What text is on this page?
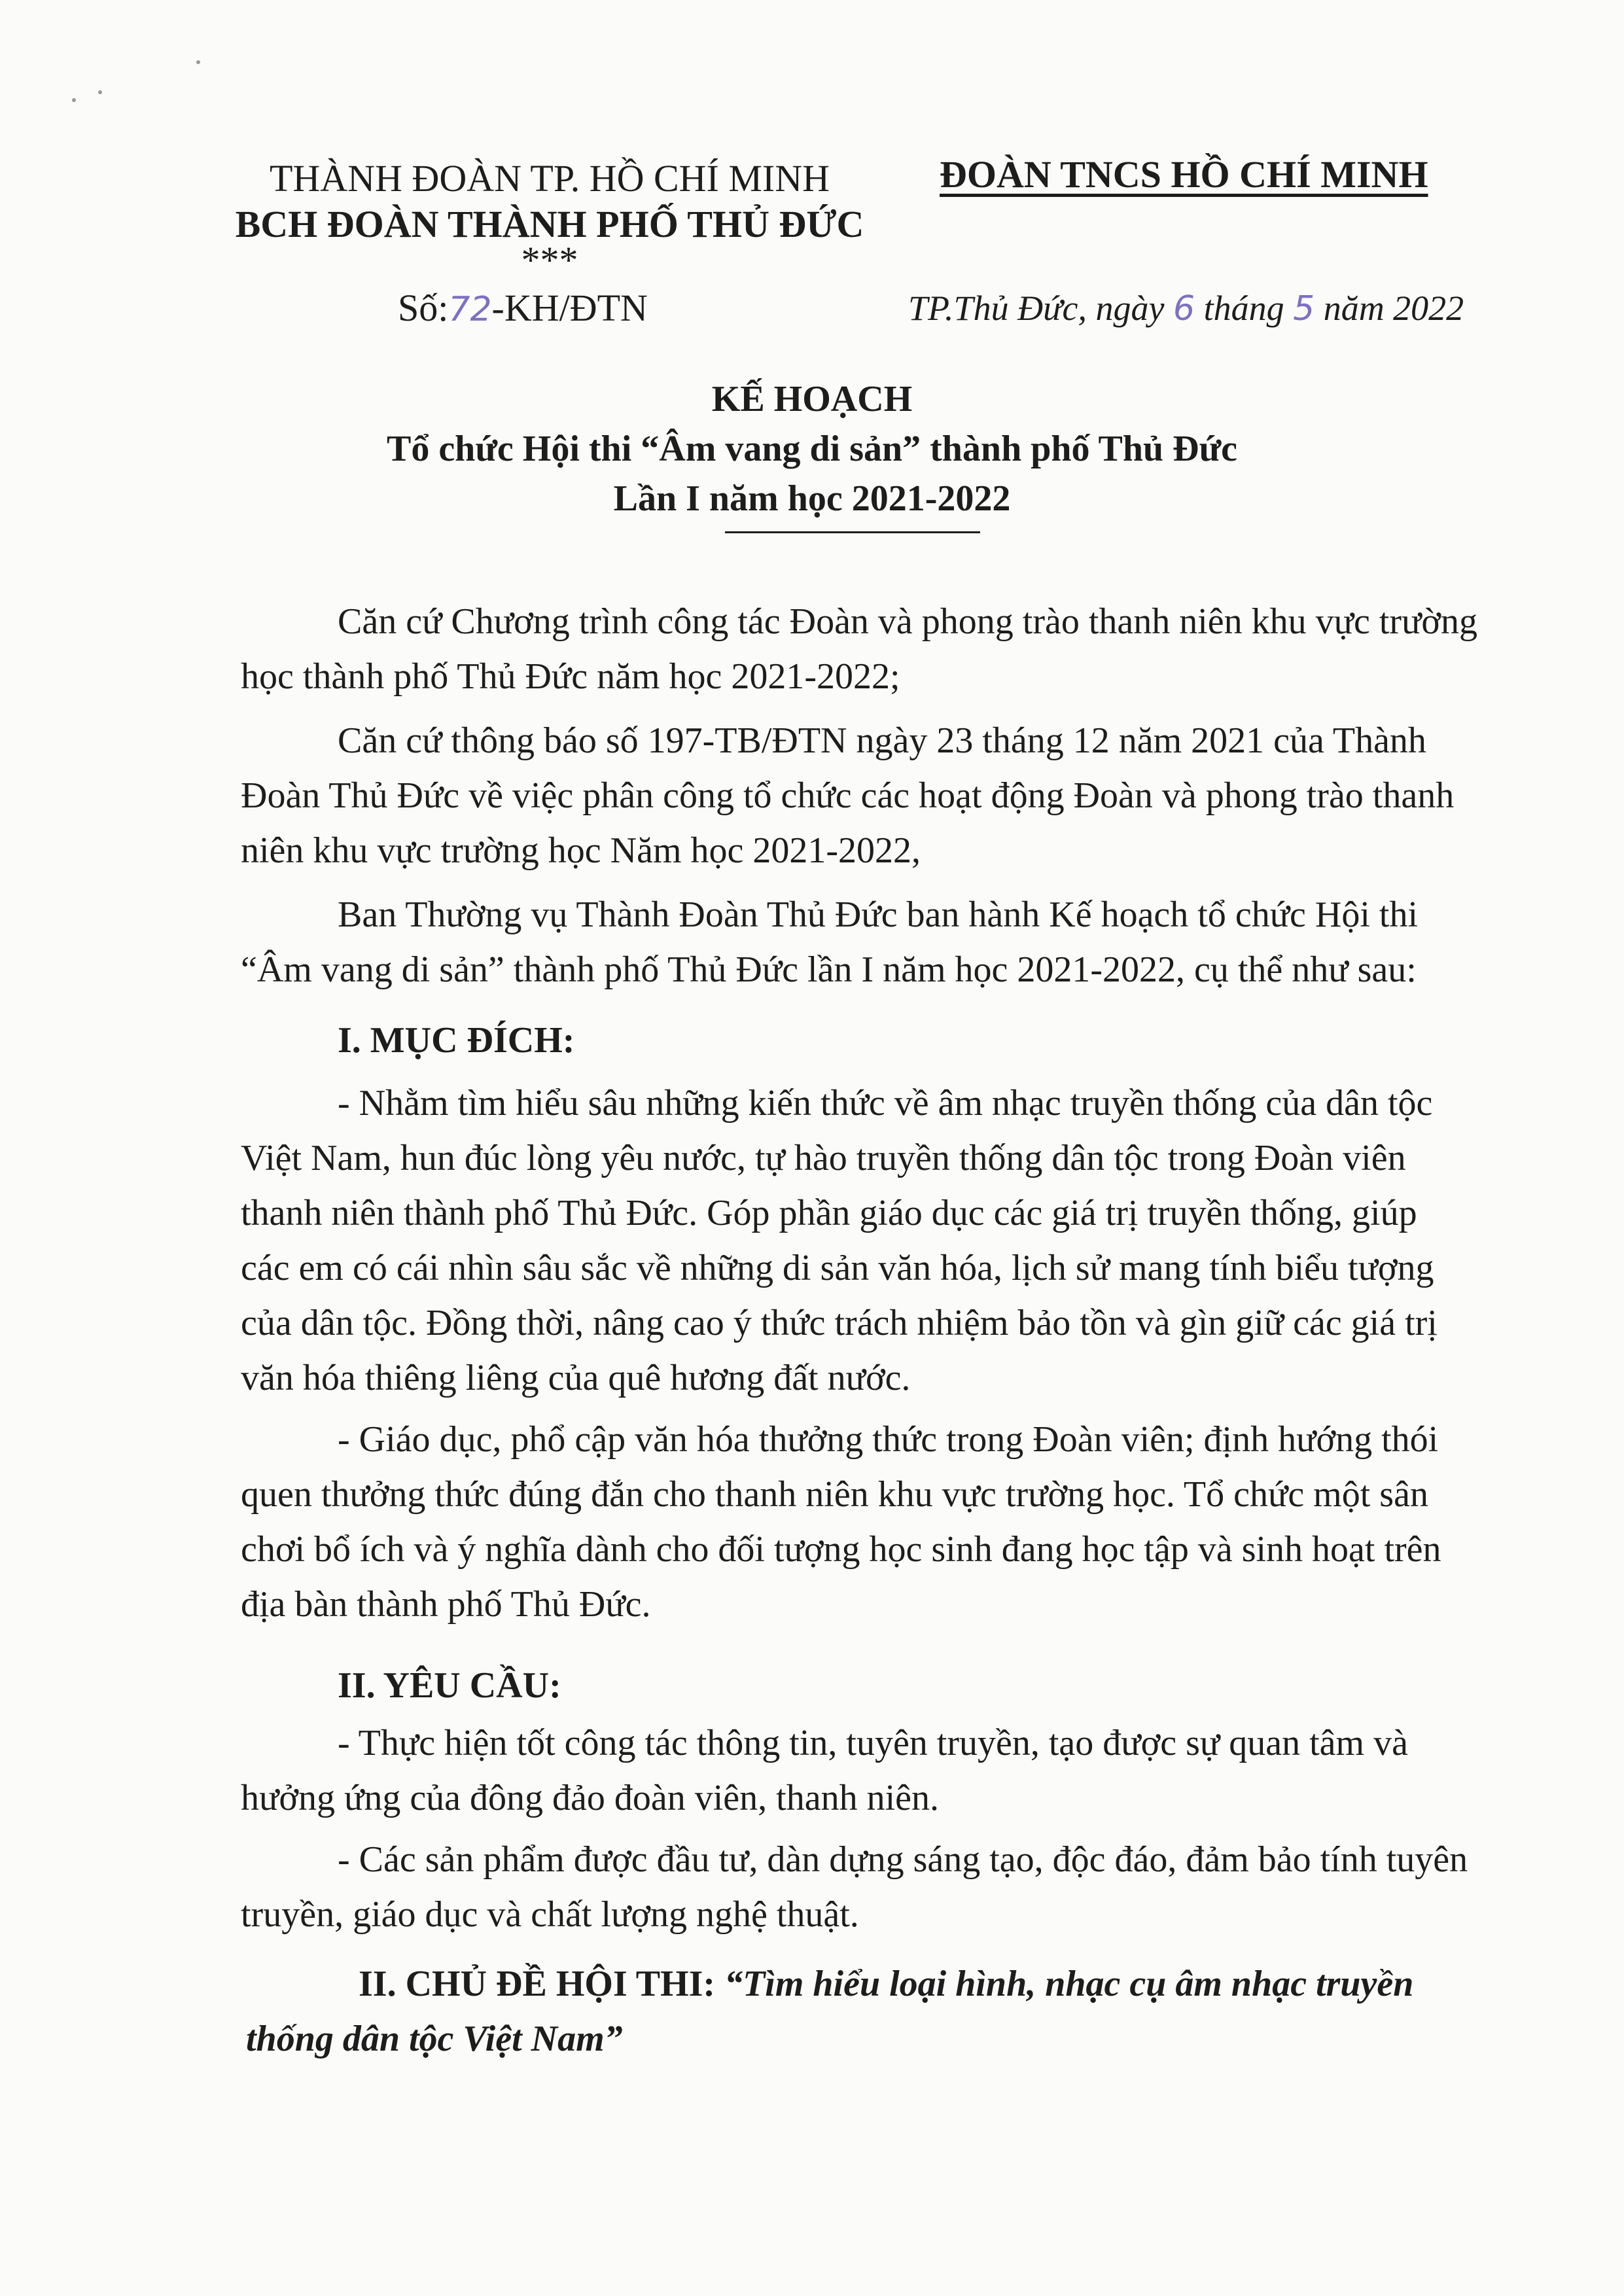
THÀNH ĐOÀN TP. HỒ CHÍ MINH
BCH ĐOÀN THÀNH PHỐ THỦ ĐỨC
***
ĐOÀN TNCS HỒ CHÍ MINH
Số:72-KH/ĐTN	TP.Thủ Đức, ngày 6 tháng 5 năm 2022
KẾ HOẠCH
Tổ chức Hội thi “Âm vang di sản” thành phố Thủ Đức
Lần I năm học 2021-2022
Căn cứ Chương trình công tác Đoàn và phong trào thanh niên khu vực trường
học thành phố Thủ Đức năm học 2021-2022;
Căn cứ thông báo số 197-TB/ĐTN ngày 23 tháng 12 năm 2021 của Thành
Đoàn Thủ Đức về việc phân công tổ chức các hoạt động Đoàn và phong trào thanh
niên khu vực trường học Năm học 2021-2022,
Ban Thường vụ Thành Đoàn Thủ Đức ban hành Kế hoạch tổ chức Hội thi
“Âm vang di sản” thành phố Thủ Đức lần I năm học 2021-2022, cụ thể như sau:
I. MỤC ĐÍCH:
- Nhằm tìm hiểu sâu những kiến thức về âm nhạc truyền thống của dân tộc
Việt Nam, hun đúc lòng yêu nước, tự hào truyền thống dân tộc trong Đoàn viên
thanh niên thành phố Thủ Đức. Góp phần giáo dục các giá trị truyền thống, giúp
các em có cái nhìn sâu sắc về những di sản văn hóa, lịch sử mang tính biểu tượng
của dân tộc. Đồng thời, nâng cao ý thức trách nhiệm bảo tồn và gìn giữ các giá trị
văn hóa thiêng liêng của quê hương đất nước.
- Giáo dục, phổ cập văn hóa thưởng thức trong Đoàn viên; định hướng thói
quen thưởng thức đúng đắn cho thanh niên khu vực trường học. Tổ chức một sân
chơi bổ ích và ý nghĩa dành cho đối tượng học sinh đang học tập và sinh hoạt trên
địa bàn thành phố Thủ Đức.
II. YÊU CẦU:
- Thực hiện tốt công tác thông tin, tuyên truyền, tạo được sự quan tâm và
hưởng ứng của đông đảo đoàn viên, thanh niên.
- Các sản phẩm được đầu tư, dàn dựng sáng tạo, độc đáo, đảm bảo tính tuyên
truyền, giáo dục và chất lượng nghệ thuật.
II. CHỦ ĐỀ HỘI THI: “Tìm hiểu loại hình, nhạc cụ âm nhạc truyền
thống dân tộc Việt Nam”
